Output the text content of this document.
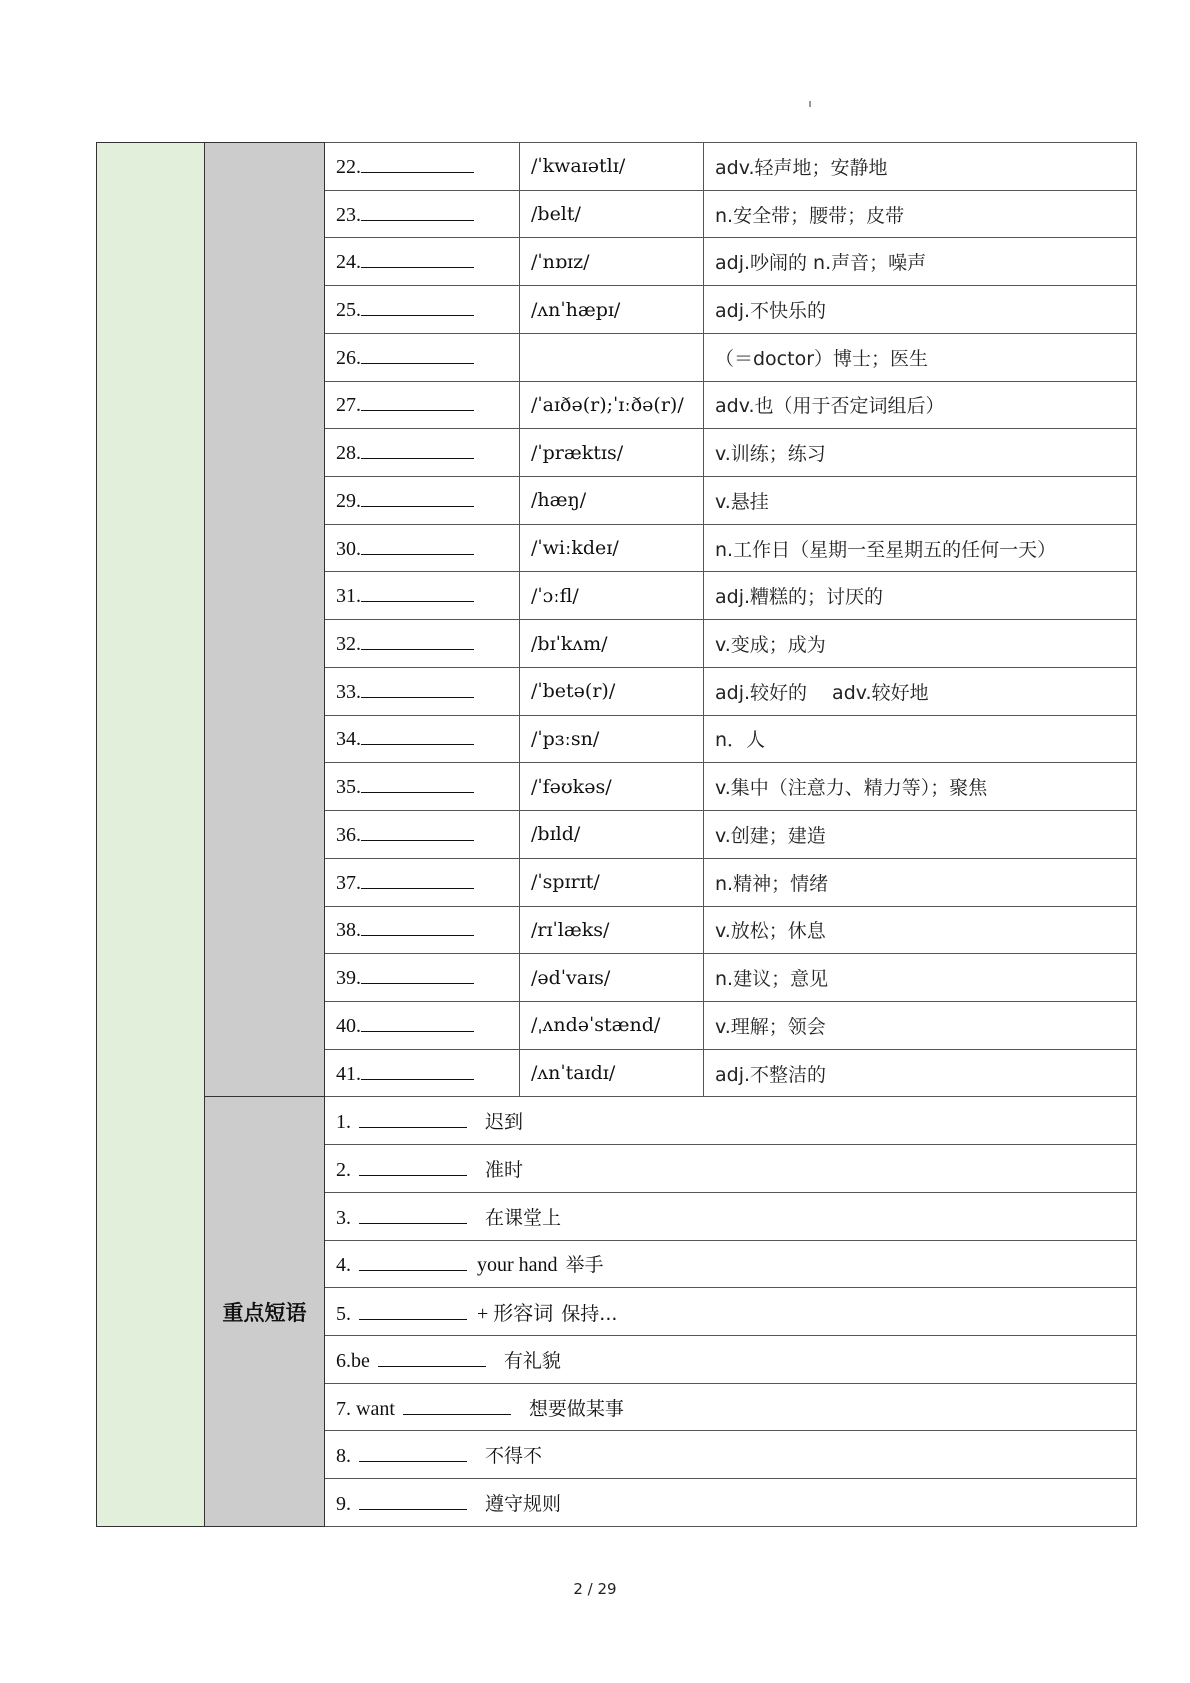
		22.	/ˈkwaɪətlɪ/	adv.轻声地；安静地

		23.	/belt/	n.安全带；腰带；皮带

		24.	/ˈnɒɪz/	adj.吵闹的 n.声音；噪声

		25.	/ʌnˈhæpɪ/	adj.不快乐的

		26.		（＝doctor）博士；医生

		27.	/ˈaɪðə(r);ˈɪːðə(r)/	adv.也（用于否定词组后）

		28.	/ˈpræktɪs/	v.训练；练习

		29.	/hæŋ/	v.悬挂

		30.	/ˈwiːkdeɪ/	n.工作日（星期一至星期五的任何一天）

		31.	/ˈɔːfl/	adj.糟糕的；讨厌的

		32.	/bɪˈkʌm/	v.变成；成为

		33.	/ˈbetə(r)/	adj.较好的　 adv.较好地

		34.	/ˈpɜːsn/	n．人

		35.	/ˈfəʊkəs/	v.集中（注意力、精力等）；聚焦

		36.	/bɪld/	v.创建；建造

		37.	/ˈspɪrɪt/	n.精神；情绪

		38.	/rɪˈlæks/	v.放松；休息

		39.	/ədˈvaɪs/	n.建议；意见

		40.	/ˌʌndəˈstænd/	v.理解；领会

		41.	/ʌnˈtaɪdɪ/	adj.不整洁的

	重点短语	1. 迟到		

		2. 准时		

		3. 在课堂上		

		4. your hand 举手		

		5. + 形容词 保持...		

		6.be 有礼貌		

		7. want 想要做某事		

		8. 不得不		

		9. 遵守规则		
2 / 29
